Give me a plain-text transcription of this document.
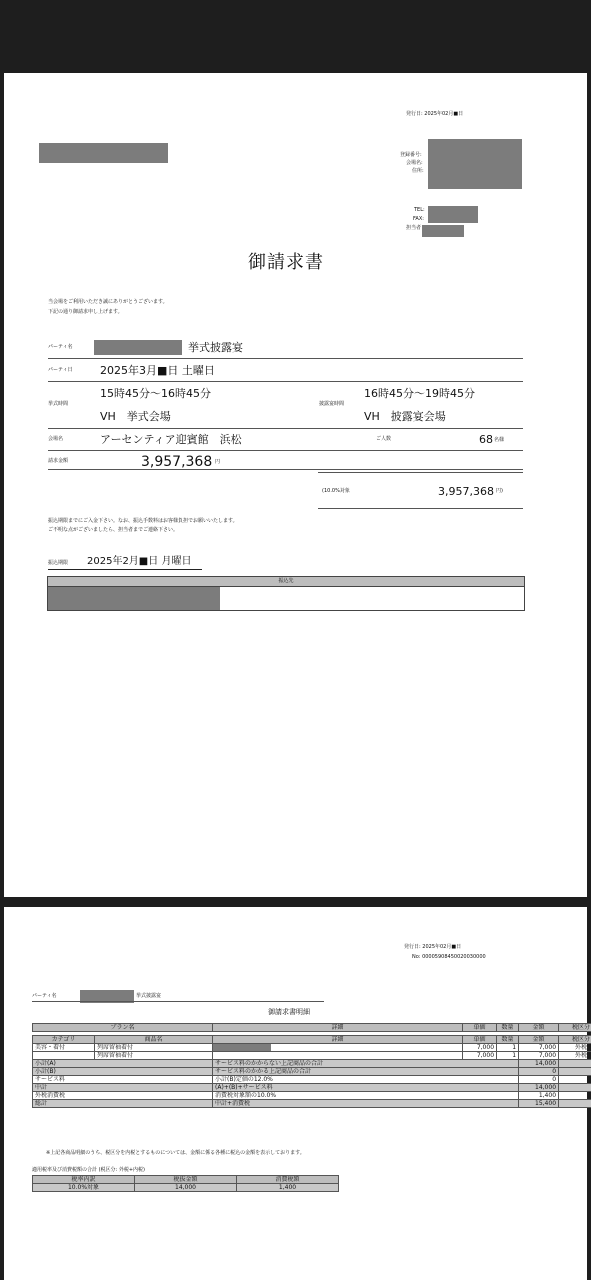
発行日: 2025年02月■日
登録番号:
会場名:
住所:
TEL:
FAX:
担当者
御請求書
当会場をご利用いただき誠にありがとうございます。
下記の通り御請求申し上げます。
パーティ名	挙式披露宴
パーティ日 2025年3月■日 土曜日
15時45分〜16時45分
挙式時間
VH　挙式会場
16時45分〜19時45分
披露宴時間
VH　披露宴会場
会場名	アーセンティア迎賓館　浜松	ご人数	68 名様
請求金額	3,957,368 円
(10.0%対象	3,957,368 円)
振込期限までにご入金下さい。なお、振込手数料はお客様負担でお願いいたします。
ご不明な点がございましたら、担当者までご連絡下さい。
振込期限 2025年2月■日 月曜日
振込先
発行日: 2025年02月■日
No: 00005908450020030000
パーティ名	挙式披露宴
御請求書明細
プラン名		詳細	単価	数量	金額	税区分

カテゴリ	商品名	詳細	単価	数量	金額	税区分
美容・着付	列席留袖着付		7,000	1	7,000	外税
	列席留袖着付		7,000	1	7,000	外税
小計(A)		サービス料のかからない上記商品の合計			14,000	
小計(B)		サービス料のかかる上記商品の合計			0	
サービス料		小計(B)定価の12.0%			0	
中計		(A)+(B)+サービス料			14,000	
外税消費税		消費税対象額の10.0%			1,400	
総計		中計+消費税			15,400	
※上記各商品明細のうち、税区分を内税とするものについては、金額に係る各種に税込の金額を表示しております。
適用税率及び消費税額の合計 (税区分: 外税+内税)
税率内訳	税抜金額	消費税額
10.0%対象	14,000	1,400
